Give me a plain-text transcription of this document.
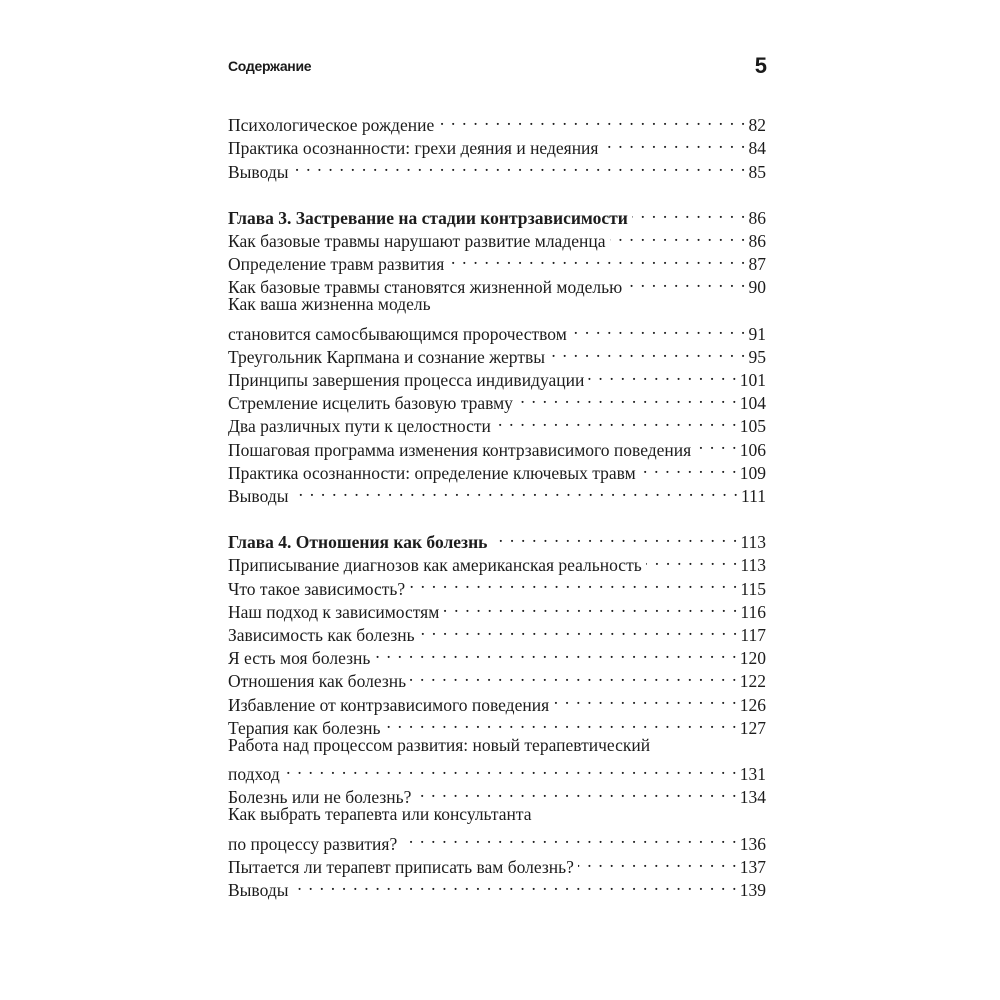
Содержание	5
Психологическое рождение . . .	82
Практика осознанности: грехи деяния и недеяния . . .	84
Выводы . . .	85
Глава 3. Застревание на стадии контрзависимости . . .	86
Как базовые травмы нарушают развитие младенца . . .	86
Определение травм развития . . .	87
Как базовые травмы становятся жизненной моделью . . .	90
Как ваша жизненна модель
становится самосбывающимся пророчеством . . .	91
Треугольник Карпмана и сознание жертвы . . .	95
Принципы завершения процесса индивидуации . . .	101
Стремление исцелить базовую травму . . .	104
Два различных пути к целостности . . .	105
Пошаговая программа изменения контрзависимого поведения . . .	106
Практика осознанности: определение ключевых травм . . .	109
Выводы . . .	111
Глава 4. Отношения как болезнь . . .	113
Приписывание диагнозов как американская реальность . . .	113
Что такое зависимость? . . .	115
Наш подход к зависимостям . . .	116
Зависимость как болезнь . . .	117
Я есть моя болезнь . . .	120
Отношения как болезнь . . .	122
Избавление от контрзависимого поведения . . .	126
Терапия как болезнь . . .	127
Работа над процессом развития: новый терапевтический
подход . . .	131
Болезнь или не болезнь? . . .	134
Как выбрать терапевта или консультанта
по процессу развития? . . .	136
Пытается ли терапевт приписать вам болезнь? . . .	137
Выводы . . .	139
